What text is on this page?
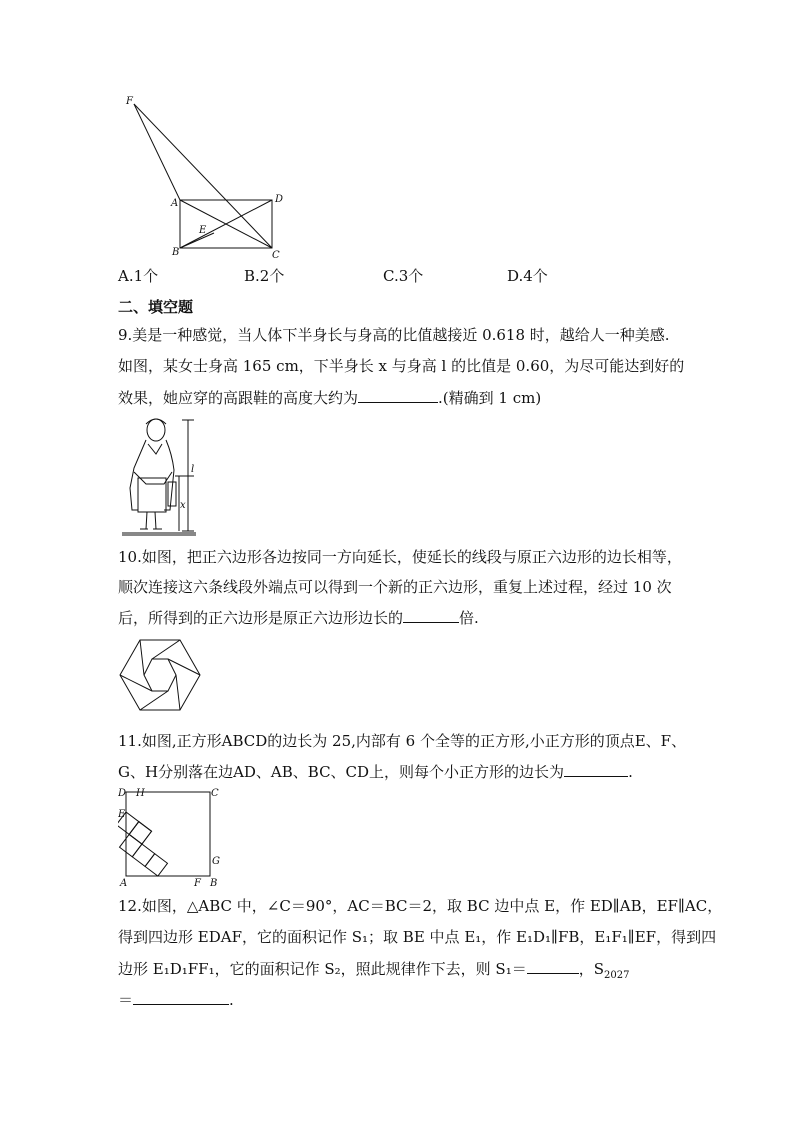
F
A	D
E
B	C
A.1个	B.2个	C.3个	D.4个
二、填空题
9.美是一种感觉，当人体下半身长与身高的比值越接近 0.618 时，越给人一种美感.
如图，某女士身高 165 cm，下半身长 x 与身高 l 的比值是 0.60，为尽可能达到好的
效果，她应穿的高跟鞋的高度大约为	.(精确到 1 cm)
l
x
10.如图，把正六边形各边按同一方向延长，使延长的线段与原正六边形的边长相等，
顺次连接这六条线段外端点可以得到一个新的正六边形，重复上述过程，经过 10 次
后，所得到的正六边形是原正六边形边长的	倍.
11.如图,正方形ABCD的边长为 25,内部有 6 个全等的正方形,小正方形的顶点E、F、
G、H分别落在边AD、AB、BC、CD上，则每个小正方形的边长为	.
D H	C
E
G
A	F B
12.如图，△ABC 中，∠C＝90°，AC＝BC＝2，取 BC 边中点 E，作 ED∥AB，EF∥AC，
得到四边形 EDAF，它的面积记作 S₁；取 BE 中点 E₁，作 E₁D₁∥FB，E₁F₁∥EF，得到四
边形 E₁D₁FF₁，它的面积记作 S₂，照此规律作下去，则 S₁＝	，$S_{2027}$
＝	.
